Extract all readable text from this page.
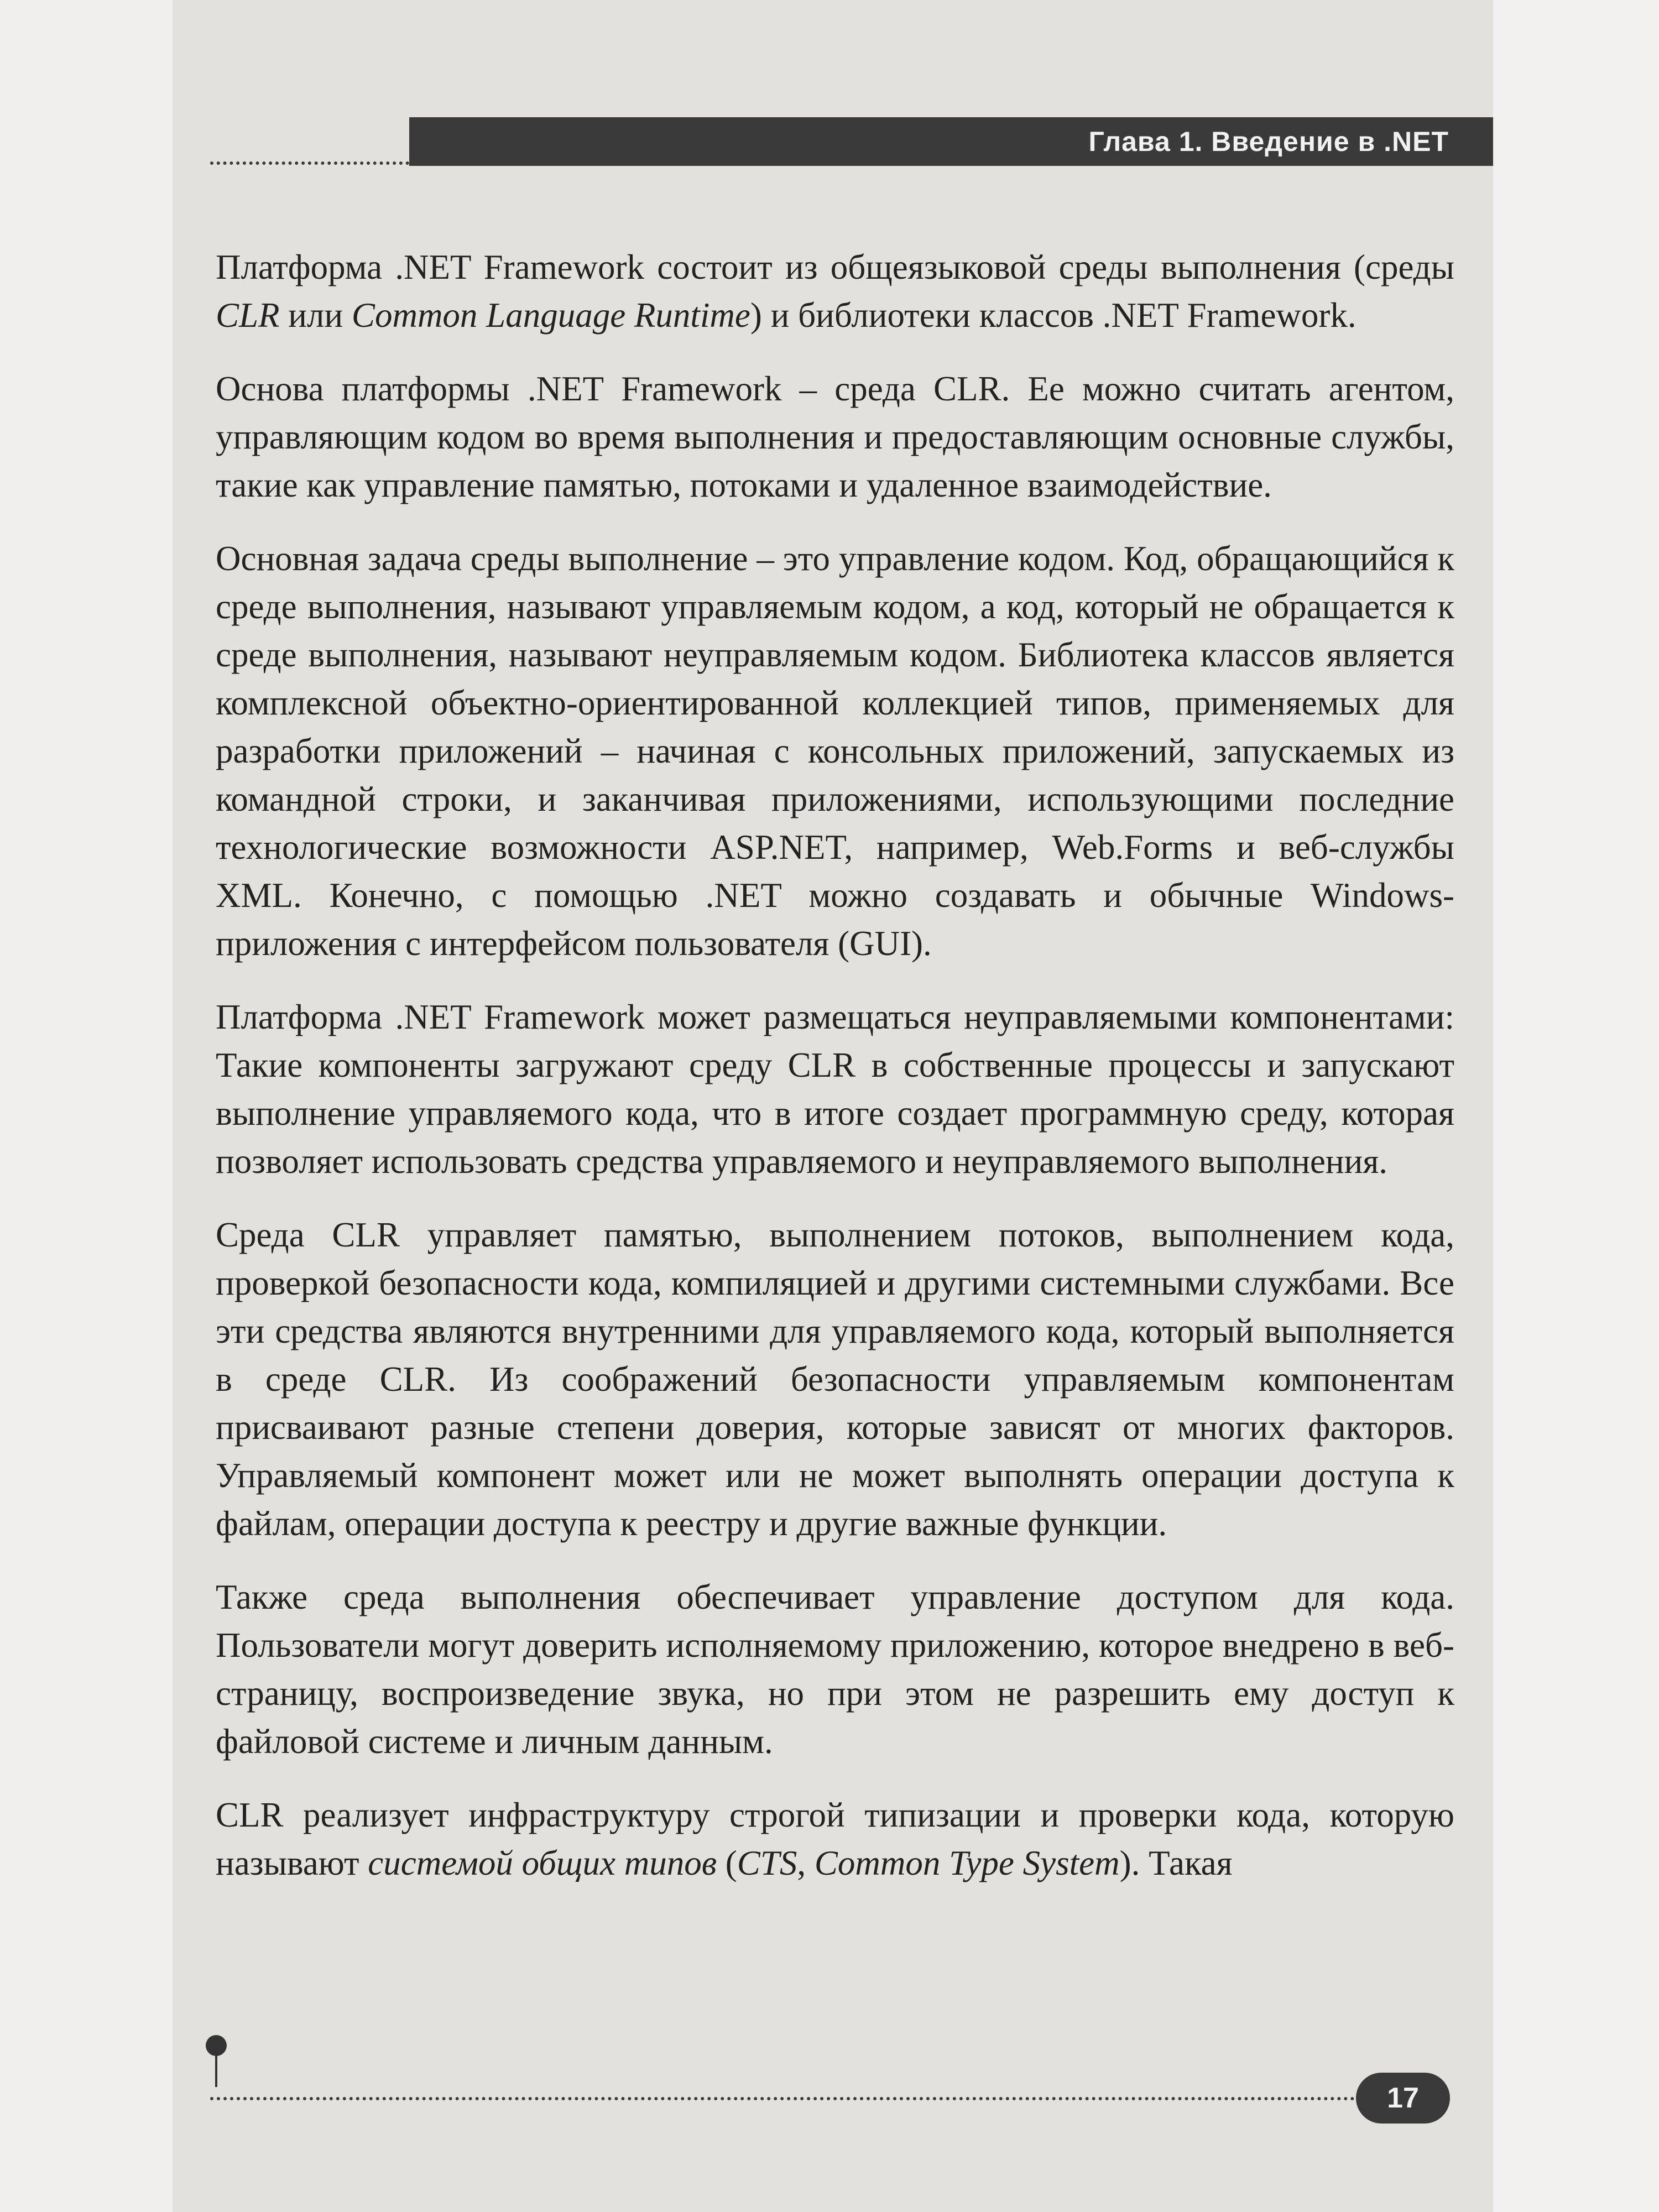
Глава 1. Введение в .NET

Платформа .NET Framework состоит из общеязыковой среды выполнения (среды CLR или Common Language Runtime) и библиотеки классов .NET Framework.

Основа платформы .NET Framework – среда CLR. Ее можно считать агентом, управляющим кодом во время выполнения и предоставляющим основные службы, такие как управление памятью, потоками и удаленное взаимодействие.

Основная задача среды выполнение – это управление кодом. Код, обращающийся к среде выполнения, называют управляемым кодом, а код, который не обращается к среде выполнения, называют неуправляемым кодом. Библиотека классов является комплексной объектно-ориентированной коллекцией типов, применяемых для разработки приложений – начиная с консольных приложений, запускаемых из командной строки, и заканчивая приложениями, использующими последние технологические возможности ASP.NET, например, Web.Forms и веб-службы XML. Конечно, с помощью .NET можно создавать и обычные Windows-приложения с интерфейсом пользователя (GUI).

Платформа .NET Framework может размещаться неуправляемыми компонентами: Такие компоненты загружают среду CLR в собственные процессы и запускают выполнение управляемого кода, что в итоге создает программную среду, которая позволяет использовать средства управляемого и неуправляемого выполнения.

Среда CLR управляет памятью, выполнением потоков, выполнением кода, проверкой безопасности кода, компиляцией и другими системными службами. Все эти средства являются внутренними для управляемого кода, который выполняется в среде CLR. Из соображений безопасности управляемым компонентам присваивают разные степени доверия, которые зависят от многих факторов. Управляемый компонент может или не может выполнять операции доступа к файлам, операции доступа к реестру и другие важные функции.

Также среда выполнения обеспечивает управление доступом для кода. Пользователи могут доверить исполняемому приложению, которое внедрено в веб-страницу, воспроизведение звука, но при этом не разрешить ему доступ к файловой системе и личным данным.

CLR реализует инфраструктуру строгой типизации и проверки кода, которую называют системой общих типов (CTS, Common Type System). Такая

17
